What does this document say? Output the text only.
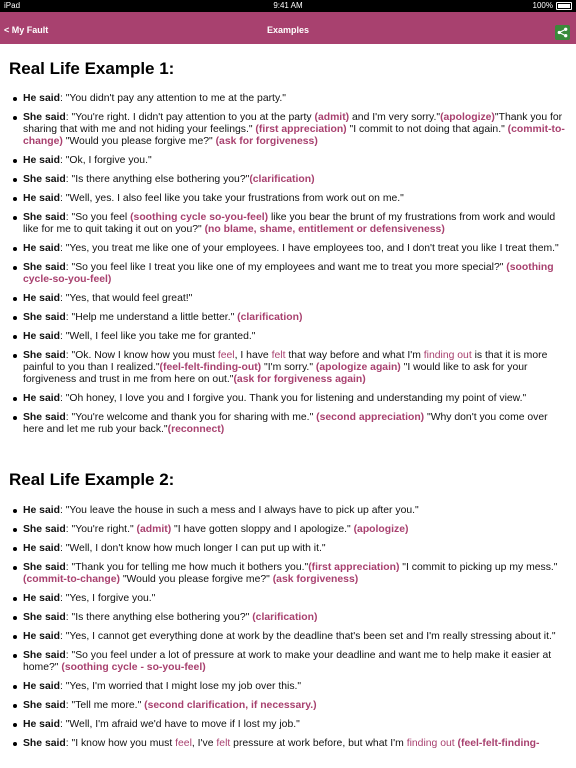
iPad	9:41 AM	100%
< My Fault	Examples
Real Life Example 1:
He said: "You didn't pay any attention to me at the party."
She said: "You're right. I didn't pay attention to you at the party (admit) and I'm very sorry."(apologize)"Thank you for sharing that with me and not hiding your feelings." (first appreciation) "I commit to not doing that again." (commit-to-change) "Would you please forgive me?" (ask for forgiveness)
He said: "Ok, I forgive you."
She said: "Is there anything else bothering you?"(clarification)
He said: "Well, yes. I also feel like you take your frustrations from work out on me."
She said: "So you feel (soothing cycle so-you-feel) like you bear the brunt of my frustrations from work and would like for me to quit taking it out on you?" (no blame, shame, entitlement or defensiveness)
He said: "Yes, you treat me like one of your employees. I have employees too, and I don't treat you like I treat them."
She said: "So you feel like I treat you like one of my employees and want me to treat you more special?" (soothing cycle-so-you-feel)
He said: "Yes, that would feel great!"
She said: "Help me understand a little better." (clarification)
He said: "Well, I feel like you take me for granted."
She said: "Ok. Now I know how you must feel, I have felt that way before and what I'm finding out is that it is more painful to you than I realized."(feel-felt-finding-out) "I'm sorry." (apologize again) "I would like to ask for your forgiveness and trust in me from here on out."(ask for forgiveness again)
He said: "Oh honey, I love you and I forgive you. Thank you for listening and understanding my point of view."
She said: "You're welcome and thank you for sharing with me." (second appreciation) "Why don't you come over here and let me rub your back."(reconnect)
Real Life Example 2:
He said: "You leave the house in such a mess and I always have to pick up after you."
She said: "You're right." (admit) "I have gotten sloppy and I apologize." (apologize)
He said: "Well, I don't know how much longer I can put up with it."
She said: "Thank you for telling me how much it bothers you."(first appreciation) "I commit to picking up my mess." (commit-to-change) "Would you please forgive me?" (ask forgiveness)
He said: "Yes, I forgive you."
She said: "Is there anything else bothering you?" (clarification)
He said: "Yes, I cannot get everything done at work by the deadline that's been set and I'm really stressing about it."
She said: "So you feel under a lot of pressure at work to make your deadline and want me to help make it easier at home?" (soothing cycle - so-you-feel)
He said: "Yes, I'm worried that I might lose my job over this."
She said: "Tell me more." (second clarification, if necessary.)
He said: "Well, I'm afraid we'd have to move if I lost my job."
She said: "I know how you must feel, I've felt pressure at work before, but what I'm finding out (feel-felt-finding-
